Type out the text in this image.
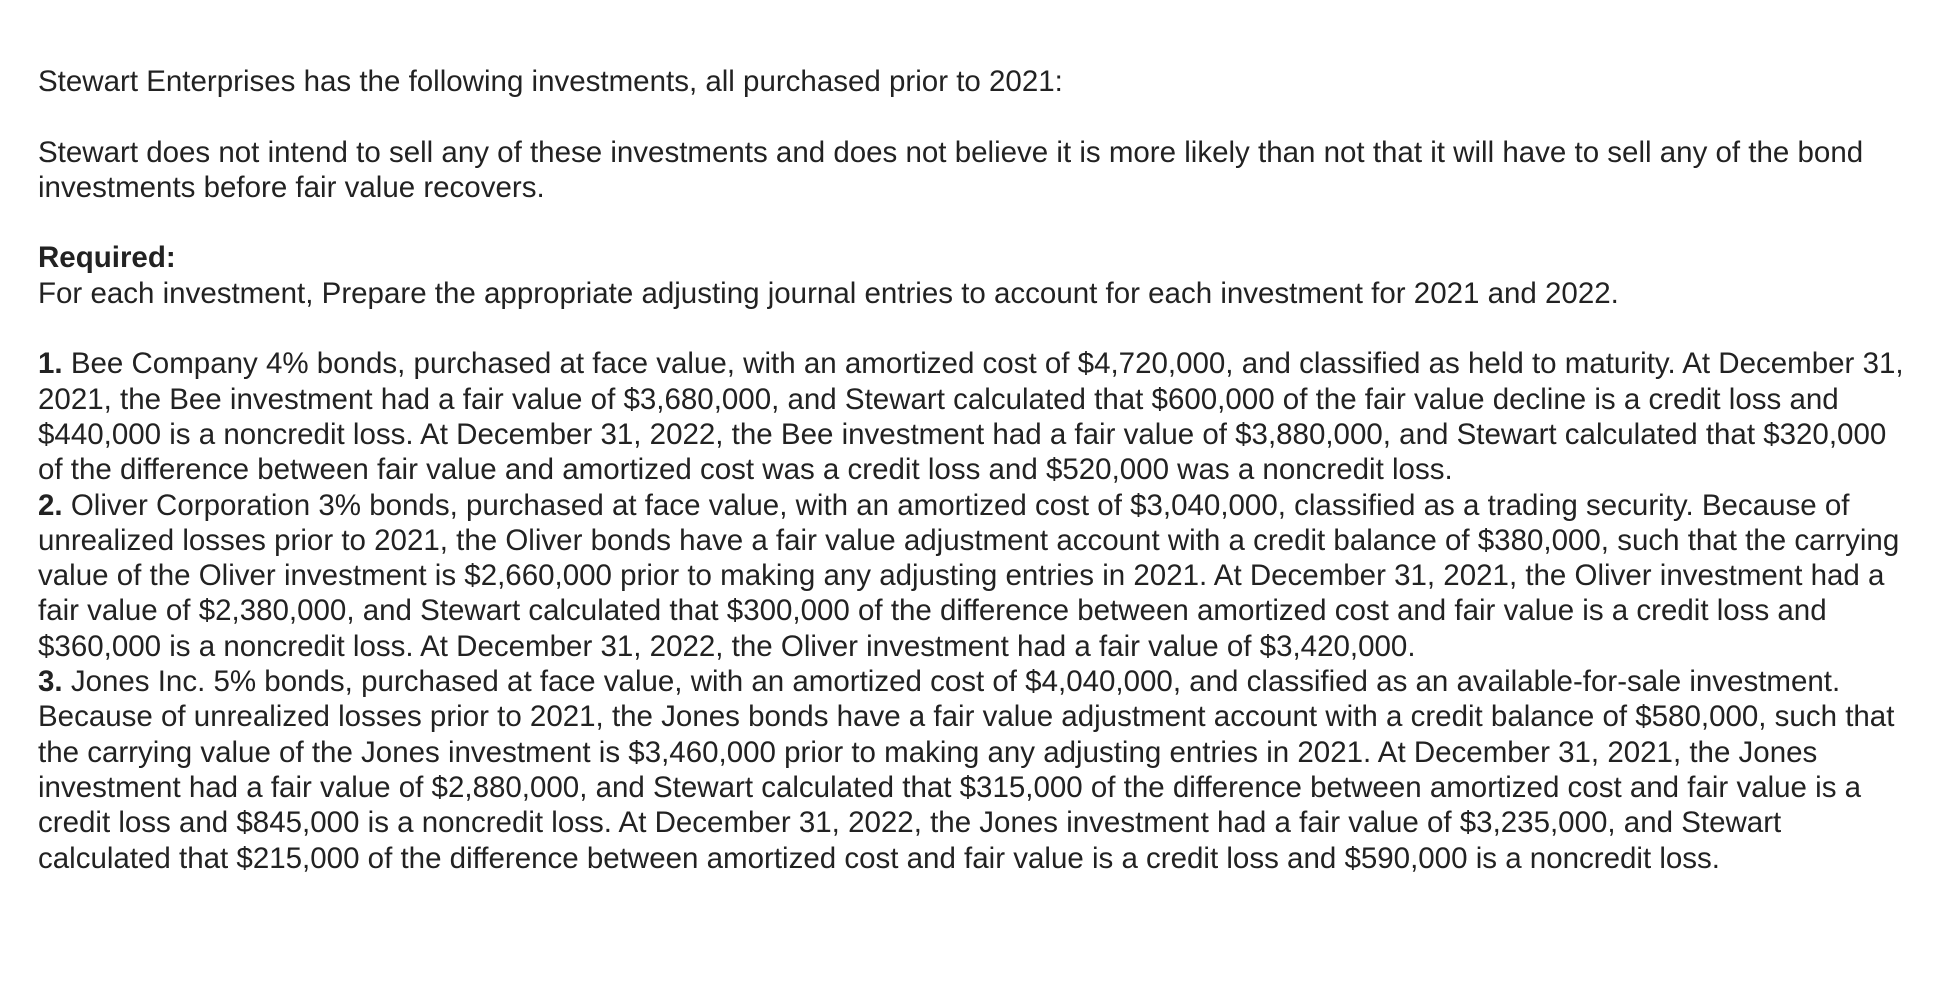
Stewart Enterprises has the following investments, all purchased prior to 2021:

Stewart does not intend to sell any of these investments and does not believe it is more likely than not that it will have to sell any of the bond investments before fair value recovers.

Required:

For each investment, Prepare the appropriate adjusting journal entries to account for each investment for 2021 and 2022.

1. Bee Company 4% bonds, purchased at face value, with an amortized cost of $4,720,000, and classified as held to maturity. At December 31, 2021, the Bee investment had a fair value of $3,680,000, and Stewart calculated that $600,000 of the fair value decline is a credit loss and $440,000 is a noncredit loss. At December 31, 2022, the Bee investment had a fair value of $3,880,000, and Stewart calculated that $320,000 of the difference between fair value and amortized cost was a credit loss and $520,000 was a noncredit loss.

2. Oliver Corporation 3% bonds, purchased at face value, with an amortized cost of $3,040,000, classified as a trading security. Because of unrealized losses prior to 2021, the Oliver bonds have a fair value adjustment account with a credit balance of $380,000, such that the carrying value of the Oliver investment is $2,660,000 prior to making any adjusting entries in 2021. At December 31, 2021, the Oliver investment had a fair value of $2,380,000, and Stewart calculated that $300,000 of the difference between amortized cost and fair value is a credit loss and $360,000 is a noncredit loss. At December 31, 2022, the Oliver investment had a fair value of $3,420,000.

3. Jones Inc. 5% bonds, purchased at face value, with an amortized cost of $4,040,000, and classified as an available-for-sale investment. Because of unrealized losses prior to 2021, the Jones bonds have a fair value adjustment account with a credit balance of $580,000, such that the carrying value of the Jones investment is $3,460,000 prior to making any adjusting entries in 2021. At December 31, 2021, the Jones investment had a fair value of $2,880,000, and Stewart calculated that $315,000 of the difference between amortized cost and fair value is a credit loss and $845,000 is a noncredit loss. At December 31, 2022, the Jones investment had a fair value of $3,235,000, and Stewart calculated that $215,000 of the difference between amortized cost and fair value is a credit loss and $590,000 is a noncredit loss.
